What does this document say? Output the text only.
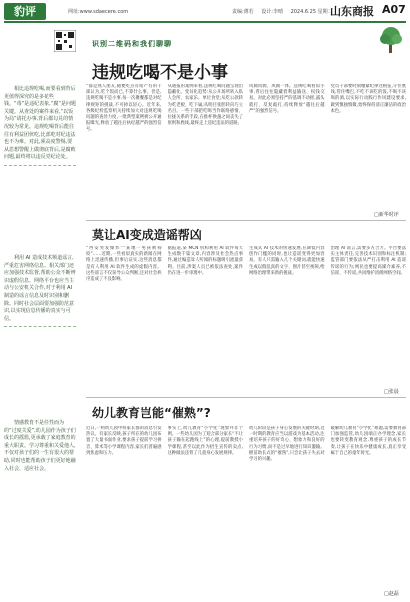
豹评	网址:www.sdaecere.com	责编:薄若 设计:李晴 2024.6.25 星期二
山东商报 A07
识别二维码和我们聊聊
相比违规吃喝,而要看到背后更值得深究的是多花些钱。“毒”是违纪表象,“腐”是问题关键。从查处的案件来看,“以饭为局”请托办事,背后都勾兑的情况较为常见。违规吃喝背后能往往有利益团伙吃,比部吃对纪违法也不为难。对此,须高度警惕,要从思想警醒上做彻底背后,是腐败问题,最终将以违反党纪论处。
利用 AI 造成技术频道谣言,严重危害网络信息。相关部门还应加强技术监督,帮助公众不断辨识虚假信息。网络平台也应当主动与公安机关合作,对于利用 AI 制造的谣言信息及时识别和删除。同时社会层面要加强防范意识,以实现信息传播的真实与可信。
情感教育不是任性而为的“过度关爱”,幼儿园作为孩子们成长的摇篮,更承载了家庭教育的重大职责。学习尊重和关爱他人,不仅对孩子们的一生有很大的帮助,同时也能帮助孩子们更好地融入社会、适应社会。
违规吃喝不是小事
“都是熟人朋友,随便吃点有啥?”有的干部认为,吃个饭而已,不算什么事。但是,违规吃喝不是小事,每一次聚餐都是对纪律规矩的挑战,不可掉以轻心。近年来,各级纪检监察机关持续加大对违规吃喝问题的查处力度,一批典型案例被公开通报曝光,释放了越往后执纪越严的强烈信号。
从通报的案例来看,违规吃喝问题呈现出隐蔽化、变异化趋势:从公开场所转入私人会所、农家乐、单位食堂;从吃公款转为吃老板、吃下属;从明目张胆转向巧立名目。一些干部把吃喝当作联络感情、拉拢关系的手段,在推杯换盏之间丧失了原则和底线,最终走上违纪违法的道路。
风腐同源、风腐一体。违规吃喝看似小事,背后往往隐藏着利益输送、权钱交易。对此必须坚持严的基调不动摇,露头就打、反复敲打,持续释放“越往后越严”的强烈信号。
党员干部要时刻绷紧纪律这根弦,守住底线,管住嘴巴,不吃不该吃的饭,不喝不该喝的酒,以实际行动践行作风建设要求,做到慎独慎微,始终保持清正廉洁的政治本色。
□新华时评
莫让AI变成造谣帮凶
“西安突发爆炸”“某地一男孩被狗咬”……近期,一些看似真实的新闻在网络上迅速传播,但事后证实,这些消息都是有人利用 AI 软件生成的虚假内容。这些谣言不仅误导公众判断,还对社会秩序造成了不良影响。
据报道,某 MCN 机构利用 AI 软件每天生成数千篇文章,内容涉及社会热点事件,通过编造耸人听闻的标题吸引流量获利。目前,涉案人员已被依法查处,案件仍在进一步审理中。
生成式 AI 技术的快速发展,在降低内容创作门槛的同时,也让造谣变得更加容易。有人只需输入几个关键词,就能快速生成以假乱真的文字、图片甚至视频,给网络治理带来新的挑战。
治理 AI 谣言,需要多方合力。平台要落实主体责任,完善技术识别和标注机制;监管部门要依法从严打击利用 AI 造谣传谣的行为;网民也要提高媒介素养,不信谣、不传谣,共同维护清朗网络空间。
□张晨
幼儿教育岂能“催熟”?
近日,一则幼儿园中班家长群的消息引发热议。有家长反映,孩子所在的幼儿园布置了大量书面作业,要求孩子提前学习拼音、算术等小学课程内容,家长们普遍感到焦虑和压力。
事实上,幼儿教育“小学化”现象并非个例。一些幼儿园为了迎合部分家长“不让孩子输在起跑线上”的心理,提前教授小学课程,甚至以此作为招生宣传的卖点,这种做法违背了儿童身心发展规律。
幼儿阶段是孩子身心发展的关键时期,这一时期的教育应当以游戏为基本活动,注重培养孩子的好奇心、想象力和良好的行为习惯,而不是过早地进行知识灌输。揠苗助长式的“催熟”,只会让孩子失去对学习的兴趣。
破解幼儿教育“小学化”难题,需要教育部门加强监管,幼儿园端正办学理念,家长也要转变教育观念,尊重孩子的成长节奏,让孩子在快乐中健康成长,真正享受属于自己的童年时光。
□赵磊
